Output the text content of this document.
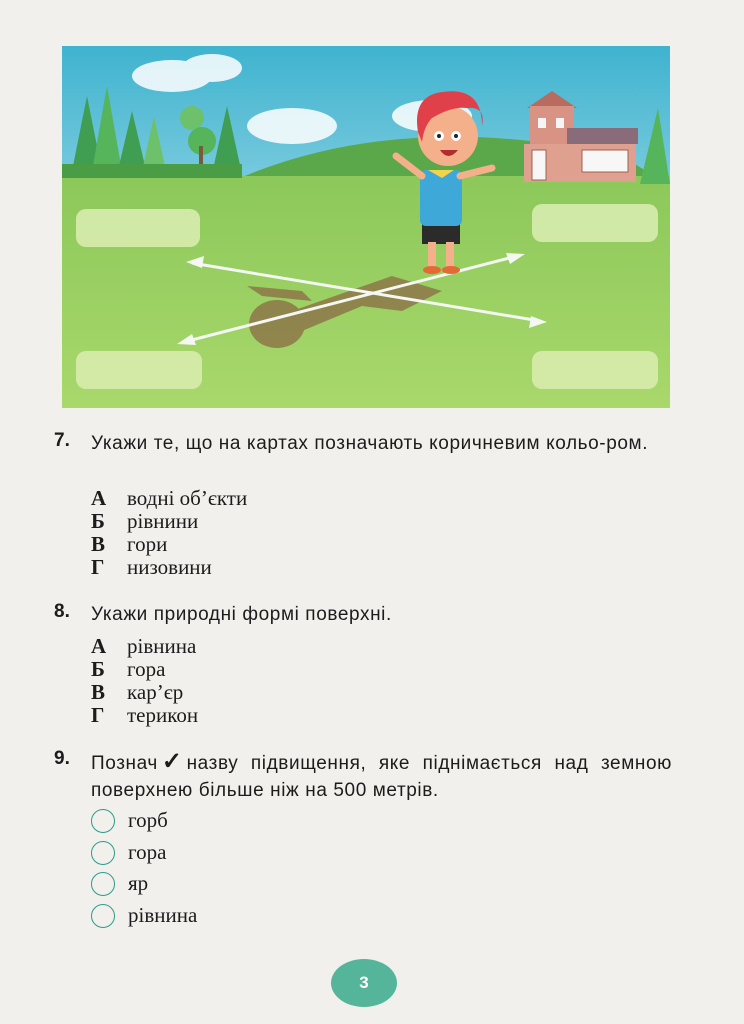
7. Укажи те, що на картах позначають коричневим кольо-ром.
А водні об’єкти
Б рівнини
В гори
Г низовини
8. Укажи природні формі поверхні.
А рівнина
Б гора
В кар’єр
Г терикон
9. Познач ✓ назву підвищення, яке піднімається над земною поверхнею більше ніж на 500 метрів.
горб
гора
яр
рівнина
3
